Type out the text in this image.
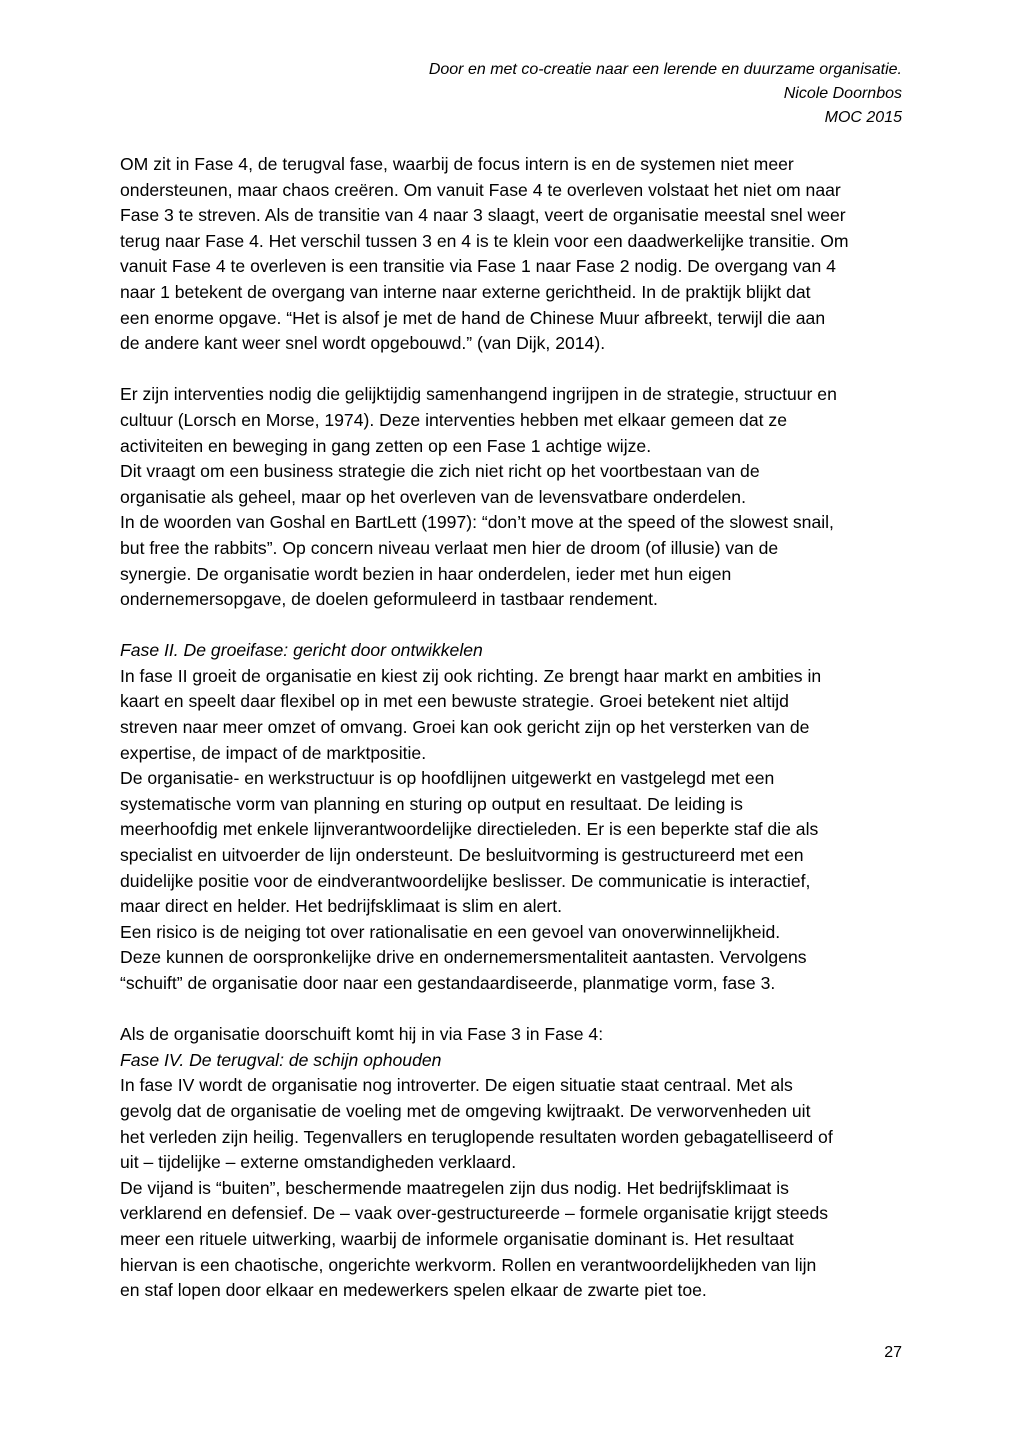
Door en met co-creatie naar een lerende en duurzame organisatie.
Nicole Doornbos
MOC 2015
OM zit in Fase 4, de terugval fase, waarbij de focus intern is en de systemen niet meer
ondersteunen, maar chaos creëren. Om vanuit Fase 4 te overleven volstaat het niet om naar
Fase 3 te streven. Als de transitie van 4 naar 3 slaagt, veert de organisatie meestal snel weer
terug naar Fase 4. Het verschil tussen 3 en 4 is te klein voor een daadwerkelijke transitie. Om
vanuit Fase 4 te overleven is een transitie via Fase 1 naar Fase 2 nodig. De overgang van 4
naar 1 betekent de overgang van interne naar externe gerichtheid. In de praktijk blijkt dat
een enorme opgave. “Het is alsof je met de hand de Chinese Muur afbreekt, terwijl die aan
de andere kant weer snel wordt opgebouwd.” (van Dijk, 2014).
Er zijn interventies nodig die gelijktijdig samenhangend ingrijpen in de strategie, structuur en
cultuur (Lorsch en Morse, 1974). Deze interventies hebben met elkaar gemeen dat ze
activiteiten en beweging in gang zetten op een Fase 1 achtige wijze.
Dit vraagt om een business strategie die zich niet richt op het voortbestaan van de
organisatie als geheel, maar op het overleven van de levensvatbare onderdelen.
In de woorden van Goshal en BartLett (1997): “don’t move at the speed of the slowest snail,
but free the rabbits”. Op concern niveau verlaat men hier de droom (of illusie) van de
synergie. De organisatie wordt bezien in haar onderdelen, ieder met hun eigen
ondernemersopgave, de doelen geformuleerd in tastbaar rendement.
Fase II. De groeifase: gericht door ontwikkelen
In fase II groeit de organisatie en kiest zij ook richting. Ze brengt haar markt en ambities in
kaart en speelt daar flexibel op in met een bewuste strategie. Groei betekent niet altijd
streven naar meer omzet of omvang. Groei kan ook gericht zijn op het versterken van de
expertise, de impact of de marktpositie.
De organisatie- en werkstructuur is op hoofdlijnen uitgewerkt en vastgelegd met een
systematische vorm van planning en sturing op output en resultaat. De leiding is
meerhoofdig met enkele lijnverantwoordelijke directieleden. Er is een beperkte staf die als
specialist en uitvoerder de lijn ondersteunt. De besluitvorming is gestructureerd met een
duidelijke positie voor de eindverantwoordelijke beslisser. De communicatie is interactief,
maar direct en helder. Het bedrijfsklimaat is slim en alert.
Een risico is de neiging tot over rationalisatie en een gevoel van onoverwinnelijkheid.
Deze kunnen de oorspronkelijke drive en ondernemersmentaliteit aantasten. Vervolgens
“schuift” de organisatie door naar een gestandaardiseerde, planmatige vorm, fase 3.
Als de organisatie doorschuift komt hij in via Fase 3 in Fase 4:
Fase IV. De terugval: de schijn ophouden
In fase IV wordt de organisatie nog introverter. De eigen situatie staat centraal. Met als
gevolg dat de organisatie de voeling met de omgeving kwijtraakt. De verworvenheden uit
het verleden zijn heilig. Tegenvallers en teruglopende resultaten worden gebagatelliseerd of
uit – tijdelijke – externe omstandigheden verklaard.
De vijand is “buiten”, beschermende maatregelen zijn dus nodig. Het bedrijfsklimaat is
verklarend en defensief. De – vaak over-gestructureerde – formele organisatie krijgt steeds
meer een rituele uitwerking, waarbij de informele organisatie dominant is. Het resultaat
hiervan is een chaotische, ongerichte werkvorm. Rollen en verantwoordelijkheden van lijn
en staf lopen door elkaar en medewerkers spelen elkaar de zwarte piet toe.
27
